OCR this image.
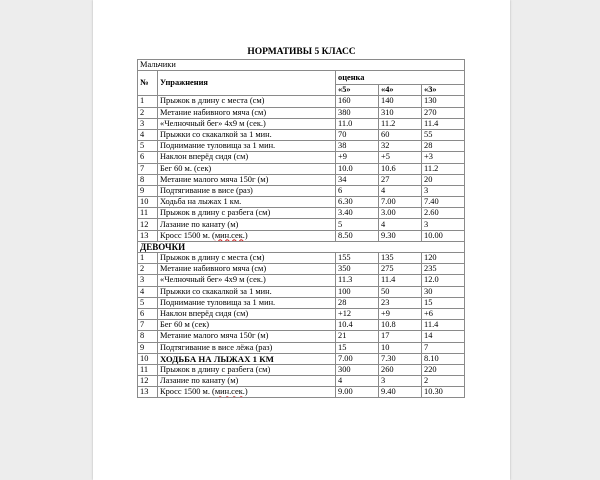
НОРМАТИВЫ 5 КЛАСС
Мальчики				
№	Упражнения	оценка		
		«5»	«4»	«3»
1	Прыжок в длину с места (см)	160	140	130
2	Метание набивного мяча (см)	380	310	270
3	«Челночный бег» 4х9 м (сек.)	11.0	11.2	11.4
4	Прыжки со скакалкой за 1 мин.	70	60	55
5	Поднимание туловища за 1 мин.	38	32	28
6	Наклон вперёд сидя (см)	+9	+5	+3
7	Бег 60 м. (сек)	10.0	10.6	11.2
8	Метание малого мяча 150г (м)	34	27	20
9	Подтягивание в висе (раз)	6	4	3
10	Ходьба на лыжах 1 км.	6.30	7.00	7.40
11	Прыжок в длину с разбега (см)	3.40	3.00	2.60
12	Лазание по канату (м)	5	4	3
13	Кросс 1500 м. (мин.сек.)	8.50	9.30	10.00
ДЕВОЧКИ				
1	Прыжок в длину с места (см)	155	135	120
2	Метание набивного мяча (см)	350	275	235
3	«Челночный бег» 4х9 м (сек.)	11.3	11.4	12.0
4	Прыжки со скакалкой за 1 мин.	100	50	30
5	Поднимание туловища за 1 мин.	28	23	15
6	Наклон вперёд сидя (см)	+12	+9	+6
7	Бег 60 м (сек)	10.4	10.8	11.4
8	Метание малого мяча 150г (м)	21	17	14
9	Подтягивание в висе лёжа (раз)	15	10	7
10	ХОДЬБА НА ЛЫЖАХ 1 КМ	7.00	7.30	8.10
11	Прыжок в длину с разбега (см)	300	260	220
12	Лазание по канату (м)	4	3	2
13	Кросс 1500 м. (мин.сек.)	9.00	9.40	10.30
